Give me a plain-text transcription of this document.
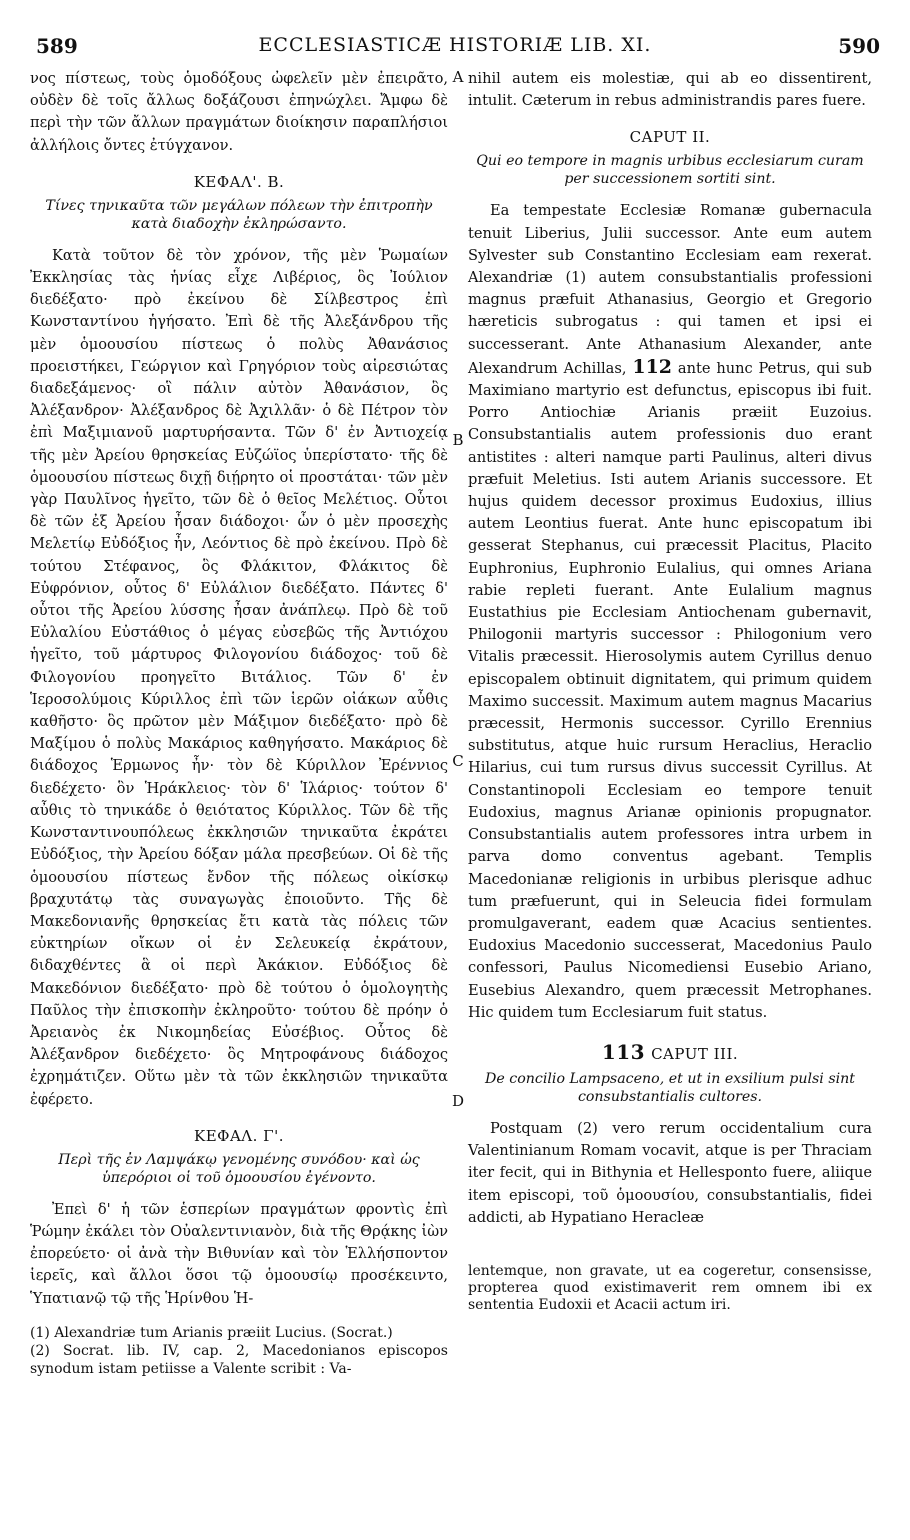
589	ECCLESIASTICÆ HISTORIÆ LIB. XI.	590
A
B
C
D

νος πίστεως, τοὺς ὁμοδόξους ὠφελεῖν μὲν ἐπειρᾶτο, οὐδὲν δὲ τοῖς ἄλλως δοξάζουσι ἐπηνώχλει. Ἄμφω δὲ περὶ τὴν τῶν ἄλλων πραγμάτων διοίκησιν παραπλήσιοι ἀλλήλοις ὄντες ἐτύγχανον.

ΚΕΦΑΛ'. Β.
Τίνες τηνικαῦτα τῶν μεγάλων πόλεων τὴν ἐπιτροπὴν κατὰ διαδοχὴν ἐκληρώσαντο.

Κατὰ τοῦτον δὲ τὸν χρόνον, τῆς μὲν Ῥωμαίων Ἐκκλησίας τὰς ἡνίας εἶχε Λιβέριος, ὃς Ἰούλιον διεδέξατο· πρὸ ἐκείνου δὲ Σίλβεστρος ἐπὶ Κωνσταντίνου ἡγήσατο. Ἐπὶ δὲ τῆς Ἀλεξάνδρου τῆς μὲν ὁμοουσίου πίστεως ὁ πολὺς Ἀθανάσιος προειστήκει, Γεώργιον καὶ Γρηγόριον τοὺς αἱρεσιώτας διαδεξάμενος· οἳ πάλιν αὐτὸν Ἀθανάσιον, ὃς Ἀλέξανδρον· Ἀλέξανδρος δὲ Ἀχιλλᾶν· ὁ δὲ Πέτρον τὸν ἐπὶ Μαξιμιανοῦ μαρτυρήσαντα. Τῶν δ' ἐν Ἀντιοχείᾳ τῆς μὲν Ἀρείου θρησκείας Εὐζώϊος ὑπερίστατο· τῆς δὲ ὁμοουσίου πίστεως διχῇ διῄρητο οἱ προστάται· τῶν μὲν γὰρ Παυλῖνος ἡγεῖτο, τῶν δὲ ὁ θεῖος Μελέτιος. Οὗτοι δὲ τῶν ἐξ Ἀρείου ἦσαν διάδοχοι· ὧν ὁ μὲν προσεχὴς Μελετίῳ Εὐδόξιος ἦν, Λεόντιος δὲ πρὸ ἐκείνου. Πρὸ δὲ τούτου Στέφανος, ὃς Φλάκιτον, Φλάκιτος δὲ Εὐφρόνιον, οὗτος δ' Εὐλάλιον διεδέξατο. Πάντες δ' οὗτοι τῆς Ἀρείου λύσσης ἦσαν ἀνάπλεῳ. Πρὸ δὲ τοῦ Εὐλαλίου Εὐστάθιος ὁ μέγας εὐσεβῶς τῆς Ἀντιόχου ἡγεῖτο, τοῦ μάρτυρος Φιλογονίου διάδοχος· τοῦ δὲ Φιλογονίου προηγεῖτο Βιτάλιος. Τῶν δ' ἐν Ἱεροσολύμοις Κύριλλος ἐπὶ τῶν ἱερῶν οἰάκων αὖθις καθῆστο· ὃς πρῶτον μὲν Μάξιμον διεδέξατο· πρὸ δὲ Μαξίμου ὁ πολὺς Μακάριος καθηγήσατο. Μακάριος δὲ διάδοχος Ἑρμωνος ἦν· τὸν δὲ Κύριλλον Ἐρέννιος διεδέχετο· ὃν Ἡράκλειος· τὸν δ' Ἱλάριος· τούτον δ' αὖθις τὸ τηνικάδε ὁ θειότατος Κύριλλος. Τῶν δὲ τῆς Κωνσταντινουπόλεως ἐκκλησιῶν τηνικαῦτα ἐκράτει Εὐδόξιος, τὴν Ἀρείου δόξαν μάλα πρεσβεύων. Οἱ δὲ τῆς ὁμοουσίου πίστεως ἔνδον τῆς πόλεως οἰκίσκῳ βραχυτάτῳ τὰς συναγωγὰς ἐποιοῦντο. Τῆς δὲ Μακεδονιανῆς θρησκείας ἔτι κατὰ τὰς πόλεις τῶν εὐκτηρίων οἴκων οἱ ἐν Σελευκείᾳ ἐκράτουν, διδαχθέντες ἃ οἱ περὶ Ἀκάκιον. Εὐδόξιος δὲ Μακεδόνιον διεδέξατο· πρὸ δὲ τούτου ὁ ὁμολογητὴς Παῦλος τὴν ἐπισκοπὴν ἐκληροῦτο· τούτου δὲ πρόην ὁ Ἀρειανὸς ἐκ Νικομηδείας Εὐσέβιος. Οὗτος δὲ Ἀλέξανδρον διεδέχετο· ὃς Μητροφάνους διάδοχος ἐχρημάτιζεν. Οὕτω μὲν τὰ τῶν ἐκκλησιῶν τηνικαῦτα ἐφέρετο.

ΚΕΦΑΛ. Γ'.
Περὶ τῆς ἐν Λαμψάκῳ γενομένης συνόδου· καὶ ὡς ὑπερόριοι οἱ τοῦ ὁμοουσίου ἐγένοντο.

Ἐπεὶ δ' ἡ τῶν ἑσπερίων πραγμάτων φροντὶς ἐπὶ Ῥώμην ἐκάλει τὸν Οὐαλεντινιανὸν, διὰ τῆς Θρᾴκης ἰὼν ἐπορεύετο· οἱ ἀνὰ τὴν Βιθυνίαν καὶ τὸν Ἑλλήσποντον ἱερεῖς, καὶ ἄλλοι ὅσοι τῷ ὁμοουσίῳ προσέκειντο, Ὑπατιανῷ τῷ τῆς Ἡρίνθου Ἡ-

(1) Alexandriæ tum Arianis præiit Lucius. (Socrat.)

(2) Socrat. lib. IV, cap. 2, Macedonianos episcopos synodum istam petiisse a Valente scribit : Va-

nihil autem eis molestiæ, qui ab eo dissentirent, intulit. Cæterum in rebus administrandis pares fuere.

CAPUT II.
Qui eo tempore in magnis urbibus ecclesiarum curam per successionem sortiti sint.

Ea tempestate Ecclesiæ Romanæ gubernacula tenuit Liberius, Julii successor. Ante eum autem Sylvester sub Constantino Ecclesiam eam rexerat. Alexandriæ (1) autem consubstantialis professioni magnus præfuit Athanasius, Georgio et Gregorio hæreticis subrogatus : qui tamen et ipsi ei successerant. Ante Athanasium Alexander, ante Alexandrum Achillas, 112 ante hunc Petrus, qui sub Maximiano martyrio est defunctus, episcopus ibi fuit. Porro Antiochiæ Arianis præiit Euzoius. Consubstantialis autem professionis duo erant antistites : alteri namque parti Paulinus, alteri divus præfuit Meletius. Isti autem Arianis successore. Et hujus quidem decessor proximus Eudoxius, illius autem Leontius fuerat. Ante hunc episcopatum ibi gesserat Stephanus, cui præcessit Placitus, Placito Euphronius, Euphronio Eulalius, qui omnes Ariana rabie repleti fuerant. Ante Eulalium magnus Eustathius pie Ecclesiam Antiochenam gubernavit, Philogonii martyris successor : Philogonium vero Vitalis præcessit. Hierosolymis autem Cyrillus denuo episcopalem obtinuit dignitatem, qui primum quidem Maximo successit. Maximum autem magnus Macarius præcessit, Hermonis successor. Cyrillo Erennius substitutus, atque huic rursum Heraclius, Heraclio Hilarius, cui tum rursus divus successit Cyrillus. At Constantinopoli Ecclesiam eo tempore tenuit Eudoxius, magnus Arianæ opinionis propugnator. Consubstantialis autem professores intra urbem in parva domo conventus agebant. Templis Macedonianæ religionis in urbibus plerisque adhuc tum præfuerunt, qui in Seleucia fidei formulam promulgaverant, eadem quæ Acacius sentientes. Eudoxius Macedonio successerat, Macedonius Paulo confessori, Paulus Nicomediensi Eusebio Ariano, Eusebius Alexandro, quem præcessit Metrophanes. Hic quidem tum Ecclesiarum fuit status.

113 CAPUT III.
De concilio Lampsaceno, et ut in exsilium pulsi sint consubstantialis cultores.

Postquam (2) vero rerum occidentalium cura Valentinianum Romam vocavit, atque is per Thraciam iter fecit, qui in Bithynia et Hellesponto fuere, aliique item episcopi, τοῦ ὁμοουσίου, consubstantialis, fidei addicti, ab Hypatiano Heracleæ

lentemque, non gravate, ut ea cogeretur, consensisse, propterea quod existimaverit rem omnem ibi ex sententia Eudoxii et Acacii actum iri.
